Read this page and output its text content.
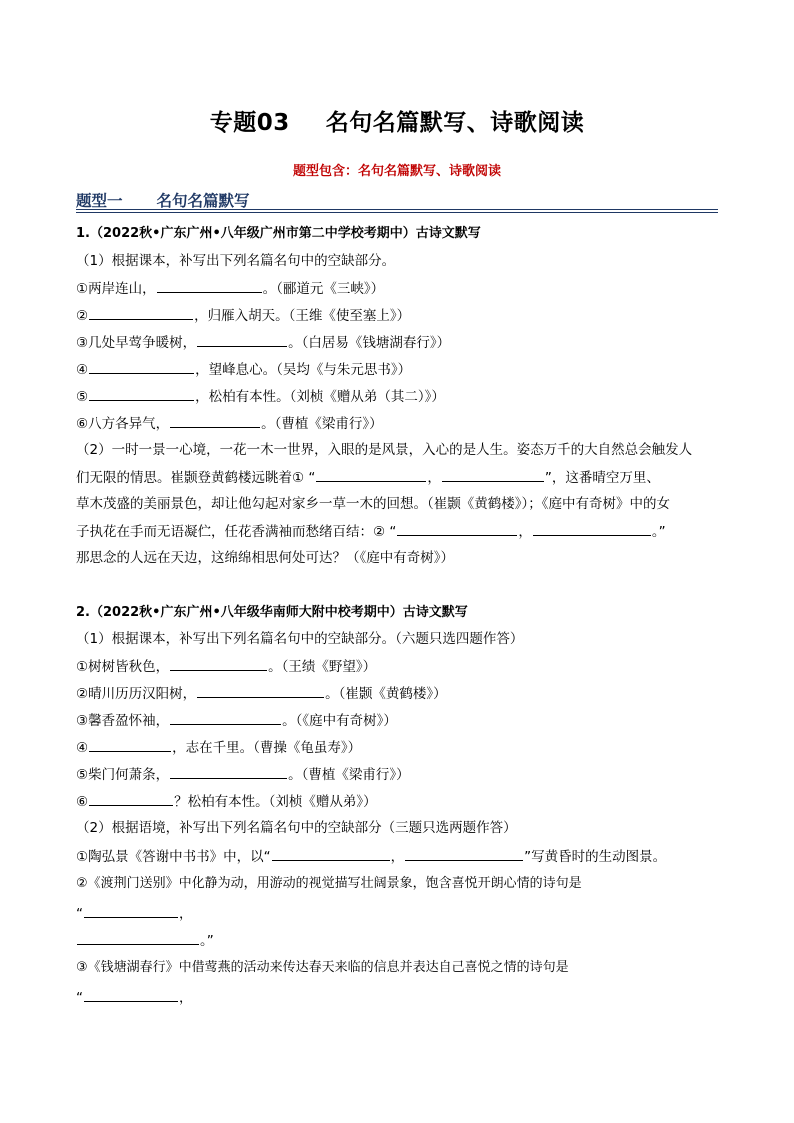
专题03 名句名篇默写、诗歌阅读
题型包含：名句名篇默写、诗歌阅读
题型一 名句名篇默写
1.（2022秋•广东广州•八年级广州市第二中学校考期中）古诗文默写
（1）根据课本，补写出下列名篇名句中的空缺部分。
①两岸连山，	。（郦道元《三峡》）
②	，归雁入胡天。（王维《使至塞上》）
③几处早莺争暖树，	。（白居易《钱塘湖春行》）
④	，望峰息心。（吴均《与朱元思书》）
⑤	，松柏有本性。（刘桢《赠从弟（其二）》）
⑥八方各异气，	。（曹植《梁甫行》）
（2）一时一景一心境，一花一木一世界，入眼的是风景，入心的是人生。姿态万千的大自然总会触发人
们无限的情思。崔颢登黄鹤楼远眺着① “	，	”，这番晴空万里、
草木茂盛的美丽景色，却让他勾起对家乡一草一木的回想。（崔颢《黄鹤楼》）；《庭中有奇树》中的女
子执花在手而无语凝伫，任花香满袖而愁绪百结：② “	，	。”
那思念的人远在天边，这绵绵相思何处可达？（《庭中有奇树》）
2.（2022秋•广东广州•八年级华南师大附中校考期中）古诗文默写
（1）根据课本，补写出下列名篇名句中的空缺部分。（六题只选四题作答）
①树树皆秋色，	。（王绩《野望》）
②晴川历历汉阳树，	。（崔颢《黄鹤楼》）
③馨香盈怀袖，	。（《庭中有奇树》）
④	，志在千里。（曹操《龟虽寿》）
⑤柴门何萧条，	。（曹植《梁甫行》）
⑥	？松柏有本性。（刘桢《赠从弟》）
（2）根据语境，补写出下列名篇名句中的空缺部分（三题只选两题作答）
①陶弘景《答谢中书书》中，以“	，	”写黄昏时的生动图景。
②《渡荆门送别》中化静为动，用游动的视觉描写壮阔景象，饱含喜悦开朗心情的诗句是
“	，
。”
③《钱塘湖春行》中借莺燕的活动来传达春天来临的信息并表达自己喜悦之情的诗句是
“	，
